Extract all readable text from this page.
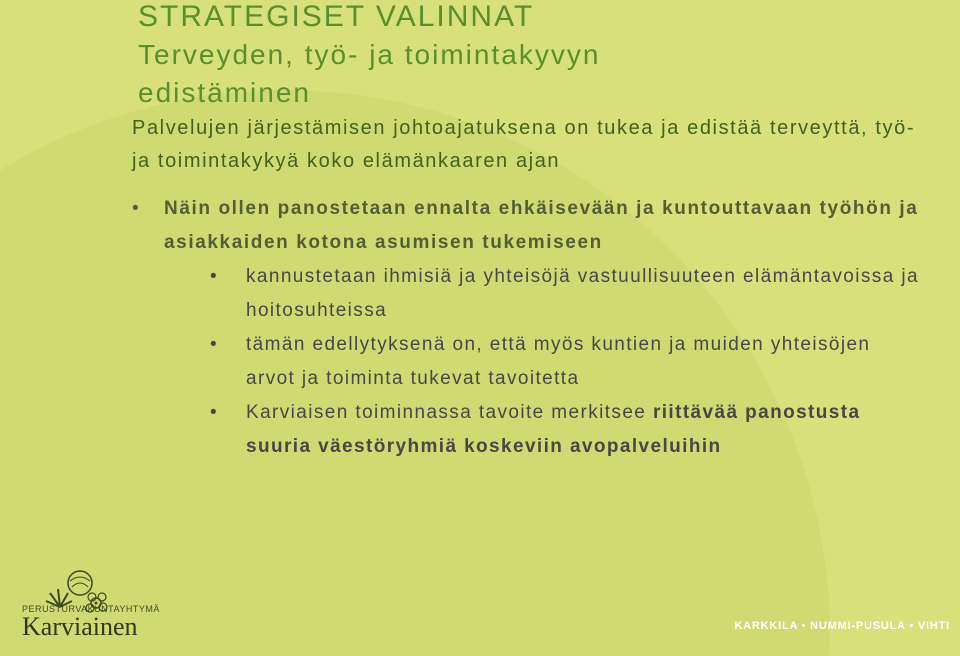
STRATEGISET VALINNAT
Terveyden, työ- ja toimintakyvyn
edistäminen

Palvelujen järjestämisen johtoajatuksena on tukea ja edistää terveyttä, työ- ja toimintakykyä koko elämänkaaren ajan

• Näin ollen panostetaan ennalta ehkäisevään ja kuntouttavaan työhön ja asiakkaiden kotona asumisen tukemiseen
• kannustetaan ihmisiä ja yhteisöjä vastuullisuuteen elämäntavoissa ja hoitosuhteissa
• tämän edellytyksenä on, että myös kuntien ja muiden yhteisöjen arvot ja toiminta tukevat tavoitetta
• Karviaisen toiminnassa tavoite merkitsee riittävää panostusta suuria väestöryhmiä koskeviin avopalveluihin
PERUSTURVAKUNTAYHTYMÄ
Karviainen	KARKKILA • NUMMI-PUSULA • VIHTI
